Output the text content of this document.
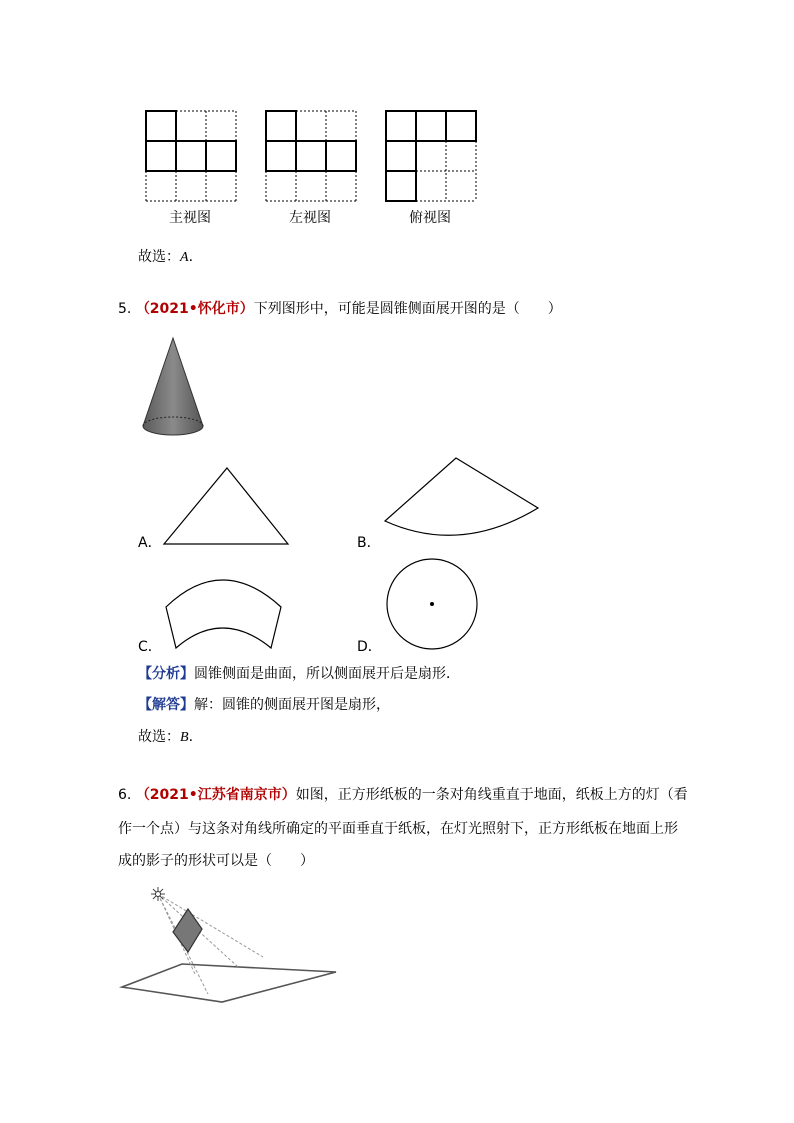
主视图	左视图	俯视图
故选：A.
5. （2021•怀化市）下列图形中，可能是圆锥侧面展开图的是（　　）
A．	B．
C．	D．
【分析】圆锥侧面是曲面，所以侧面展开后是扇形．
【解答】解：圆锥的侧面展开图是扇形，
故选：B.
6. （2021•江苏省南京市）如图，正方形纸板的一条对角线重直于地面，纸板上方的灯（看
作一个点）与这条对角线所确定的平面垂直于纸板，在灯光照射下，正方形纸板在地面上形
成的影子的形状可以是（　　）
